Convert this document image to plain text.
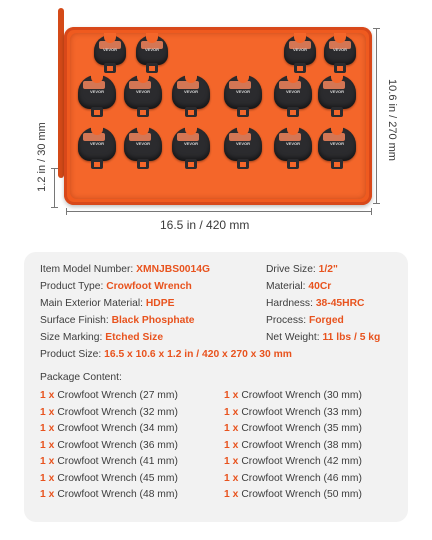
VEVOR	VEVOR	VEVOR	VEVOR
VEVOR	VEVOR	VEVOR	VEVOR	VEVOR	VEVOR
VEVOR	VEVOR	VEVOR	VEVOR	VEVOR	VEVOR	10.6 in / 270 mm
1.2 in / 30 mm
16.5 in / 420 mm
Item Model Number: XMNJBS0014G
Product Type: Crowfoot Wrench
Main Exterior Material: HDPE
Surface Finish: Black Phosphate
Size Marking: Etched Size
Product Size: 16.5 x 10.6 x 1.2 in / 420 x 270 x 30 mm
Drive Size: 1/2"
Material: 40Cr
Hardness: 38-45HRC
Process: Forged
Net Weight: 11 lbs / 5 kg
Package Content:
1 x Crowfoot Wrench (27 mm)
1 x Crowfoot Wrench (32 mm)
1 x Crowfoot Wrench (34 mm)
1 x Crowfoot Wrench (36 mm)
1 x Crowfoot Wrench (41 mm)
1 x Crowfoot Wrench (45 mm)
1 x Crowfoot Wrench (48 mm)
1 x Crowfoot Wrench (30 mm)
1 x Crowfoot Wrench (33 mm)
1 x Crowfoot Wrench (35 mm)
1 x Crowfoot Wrench (38 mm)
1 x Crowfoot Wrench (42 mm)
1 x Crowfoot Wrench (46 mm)
1 x Crowfoot Wrench (50 mm)
